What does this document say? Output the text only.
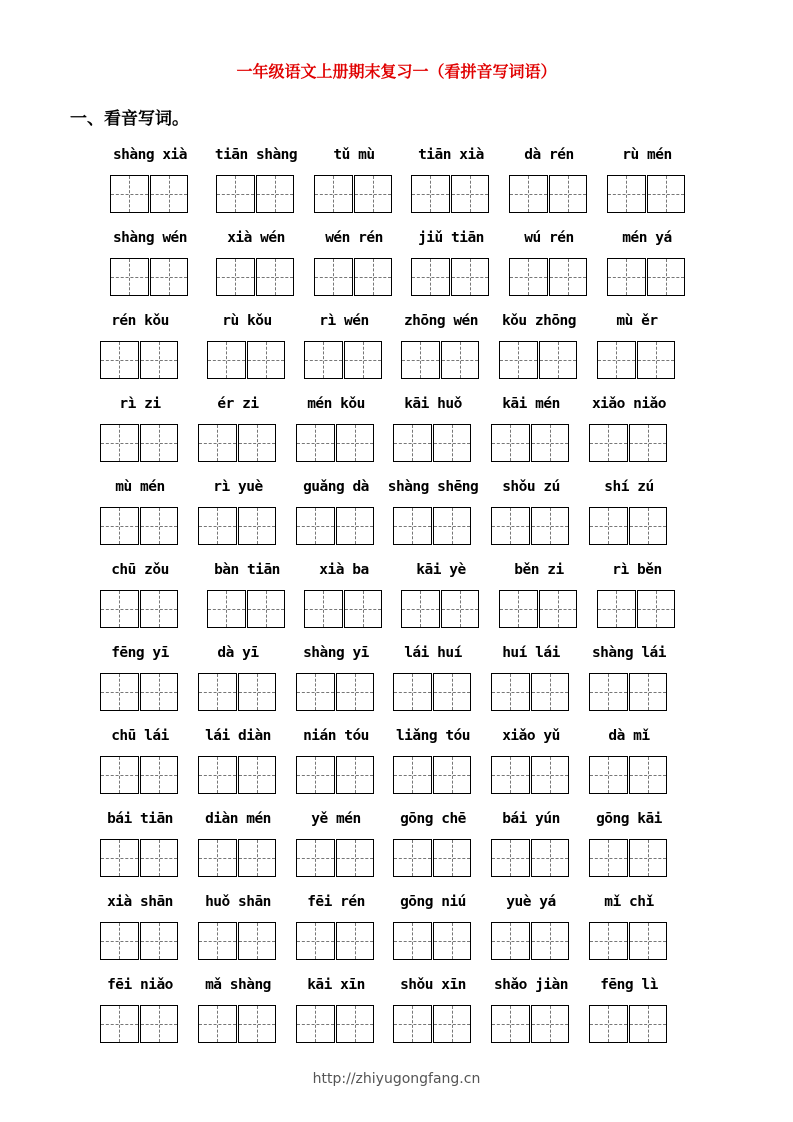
一年级语文上册期末复习一（看拼音写词语）
一、看音写词。
shàng xià	tiān shàng	tǔ mù	tiān xià	dà rén	rù mén
shàng wén	xià wén	wén rén	jiǔ tiān	wú rén	mén yá
rén kǒu	rù kǒu	rì wén	zhōng wén	kǒu zhōng	mù ěr
rì zi	ér zi	mén kǒu	kāi huǒ	kāi mén	xiǎo niǎo
mù mén	rì yuè	guǎng dà	shàng shēng	shǒu zú	shí zú
chū zǒu	bàn tiān	xià ba	kāi yè	běn zi	rì běn
fēng yī	dà yī	shàng yī	lái huí	huí lái	shàng lái
chū lái	lái diàn	nián tóu	liǎng tóu	xiǎo yǔ	dà mǐ
bái tiān	diàn mén	yě mén	gōng chē	bái yún	gōng kāi
xià shān	huǒ shān	fēi rén	gōng niú	yuè yá	mǐ chǐ
fēi niǎo	mǎ shàng	kāi xīn	shǒu xīn	shǎo jiàn	fēng lì
http://zhiyugongfang.cn
